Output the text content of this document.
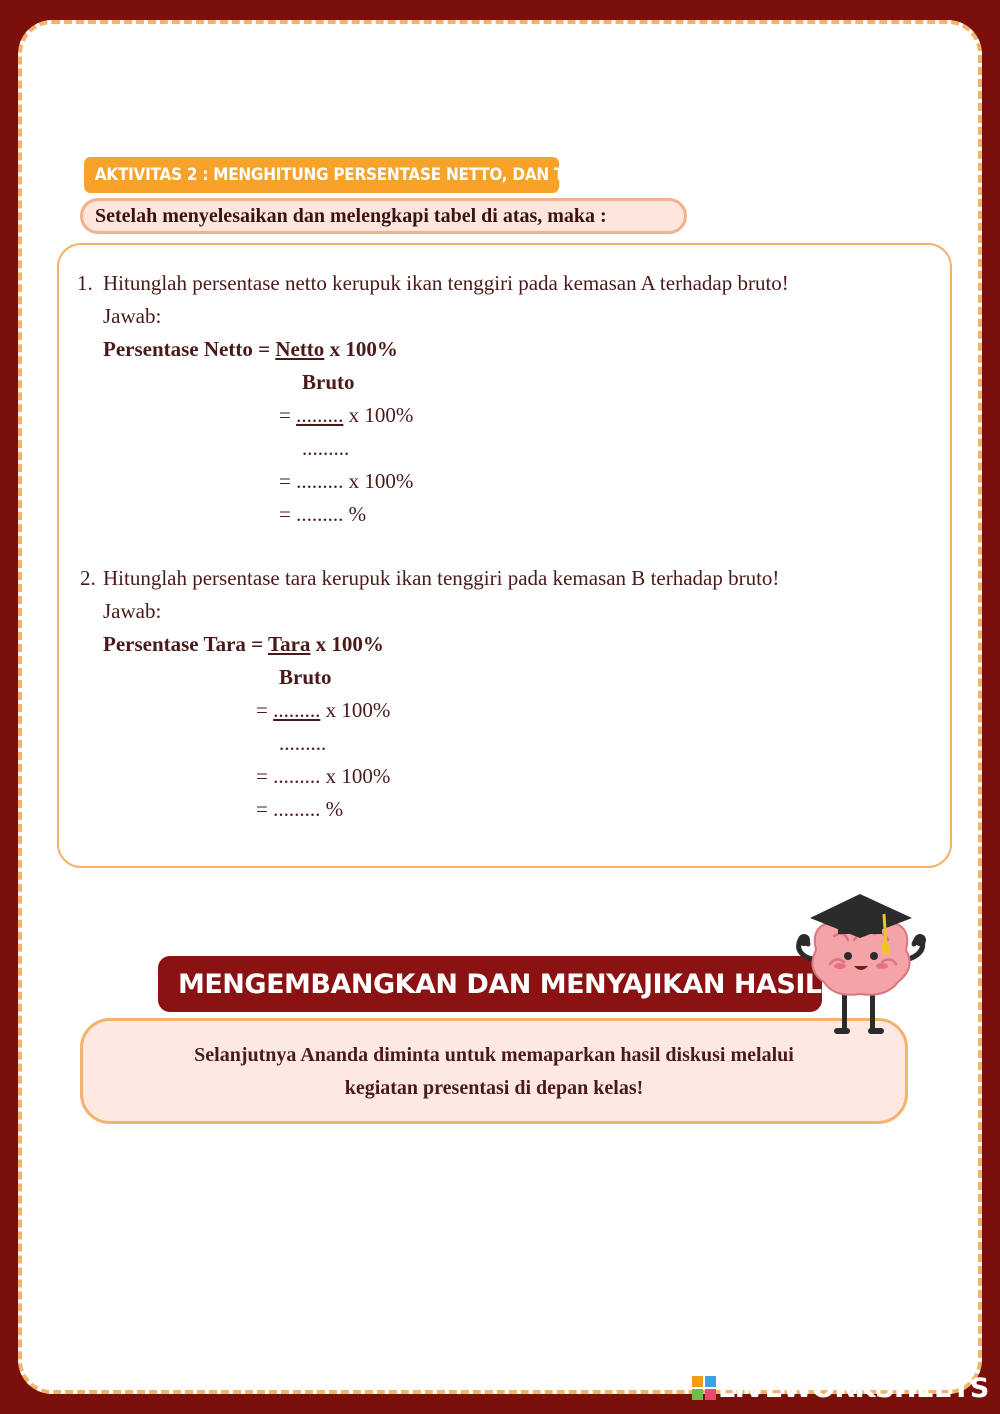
AKTIVITAS 2 : MENGHITUNG PERSENTASE NETTO, DAN TARA
Setelah menyelesaikan dan melengkapi tabel di atas, maka :
1. Hitunglah persentase netto kerupuk ikan tenggiri pada kemasan A terhadap bruto!
Jawab:
Persentase Netto = Netto x 100%
Bruto
= ......... x 100%
.........
= ......... x 100%
= ......... %
2. Hitunglah persentase tara kerupuk ikan tenggiri pada kemasan B terhadap bruto!
Jawab:
Persentase Tara = Tara x 100%
Bruto
= ......... x 100%
.........
= ......... x 100%
= ......... %
MENGEMBANGKAN DAN MENYAJIKAN HASIL
Selanjutnya Ananda diminta untuk memaparkan hasil diskusi melalui
kegiatan presentasi di depan kelas!
LIVEWORKSHEETS
